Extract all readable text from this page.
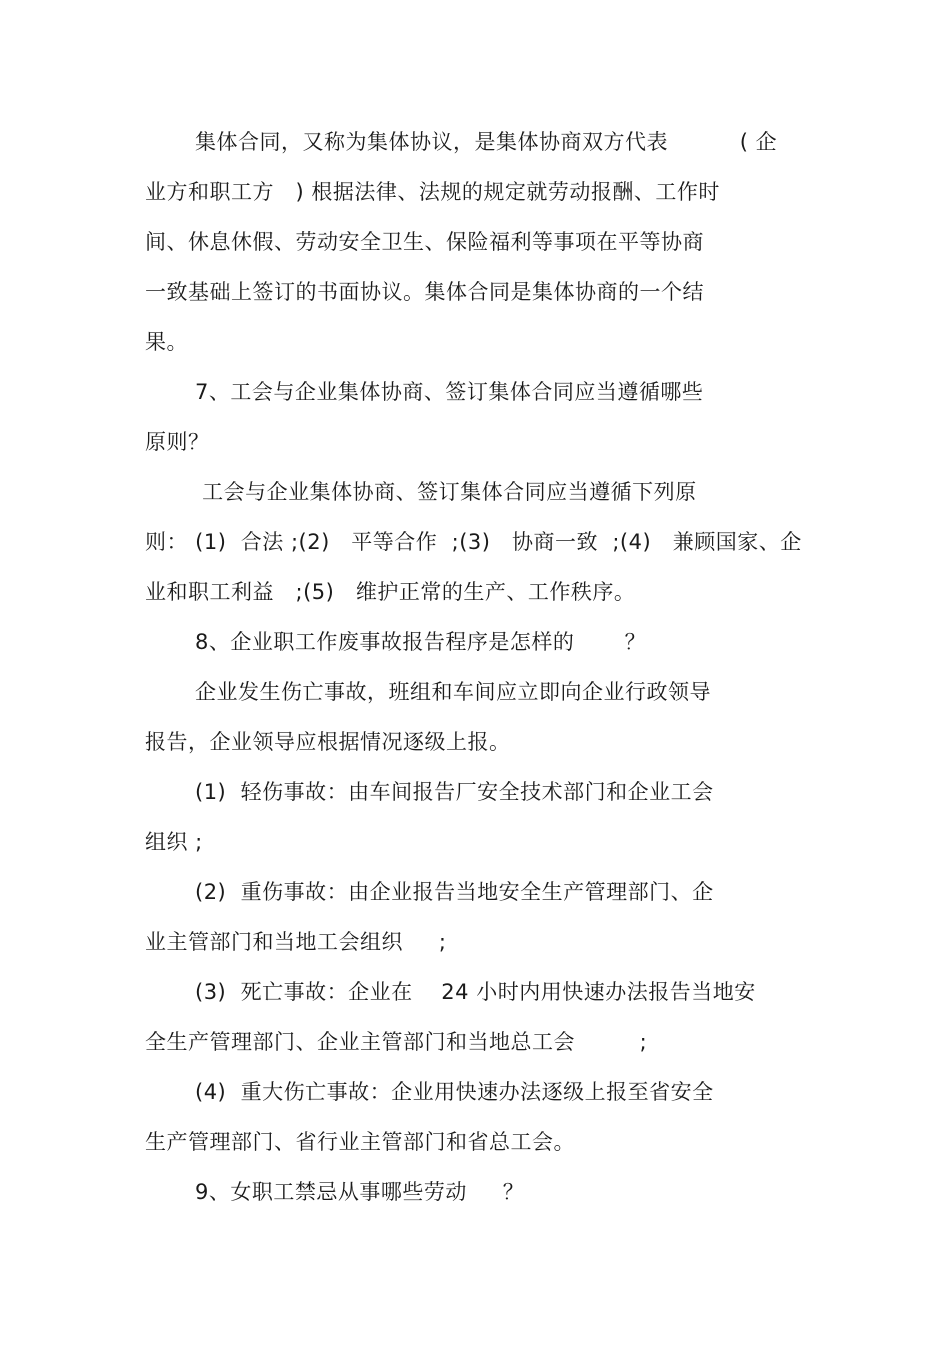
集体合同，又称为集体协议，是集体协商双方代表          ( 企
业方和职工方   ) 根据法律、法规的规定就劳动报酬、工作时
间、休息休假、劳动安全卫生、保险福利等事项在平等协商
一致基础上签订的书面协议。集体合同是集体协商的一个结
果。
7、工会与企业集体协商、签订集体合同应当遵循哪些
原则？
工会与企业集体协商、签订集体合同应当遵循下列原
则： (1)  合法 ;(2)   平等合作  ;(3)   协商一致  ;(4)   兼顾国家、企
业和职工利益   ;(5)   维护正常的生产、工作秩序。
8、企业职工作废事故报告程序是怎样的       ？
企业发生伤亡事故，班组和车间应立即向企业行政领导
报告，企业领导应根据情况逐级上报。
(1)  轻伤事故：由车间报告厂安全技术部门和企业工会
组织 ;
(2)  重伤事故：由企业报告当地安全生产管理部门、企
业主管部门和当地工会组织     ;
(3)  死亡事故：企业在    24 小时内用快速办法报告当地安
全生产管理部门、企业主管部门和当地总工会         ;
(4)  重大伤亡事故：企业用快速办法逐级上报至省安全
生产管理部门、省行业主管部门和省总工会。
9、女职工禁忌从事哪些劳动     ？
